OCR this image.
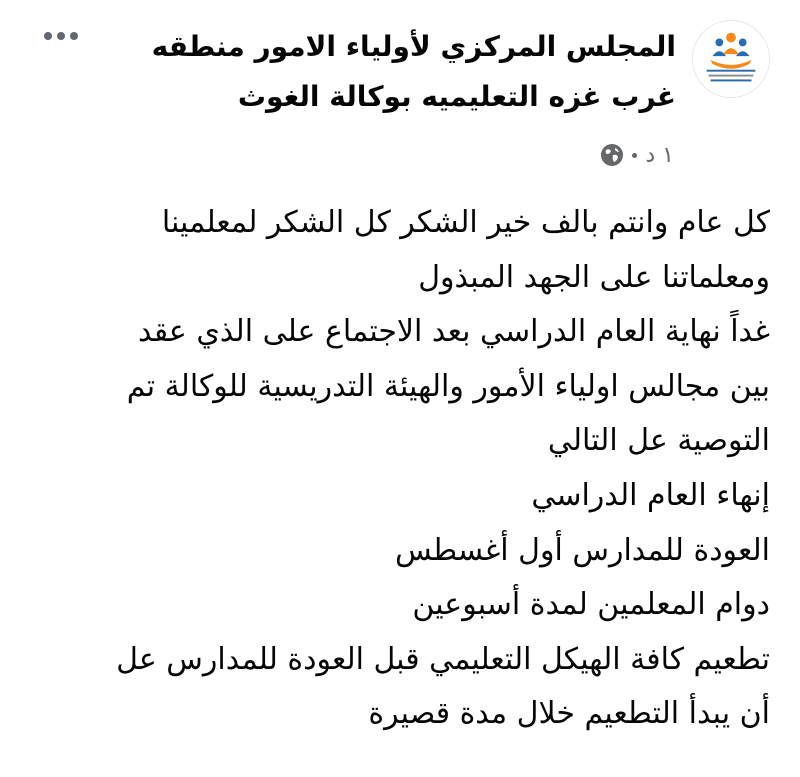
المجلس المركزي لأولياء الامور منطقه غرب غزه التعليميه بوكالة الغوث
١ د
كل عام وانتم بالف خير الشكر كل الشكر لمعلمينا
ومعلماتنا على الجهد المبذول
غداً نهاية العام الدراسي بعد الاجتماع على الذي عقد
بين مجالس اولياء الأمور والهيئة التدريسية للوكالة تم
التوصية عل التالي
إنهاء العام الدراسي
العودة للمدارس أول أغسطس
دوام المعلمين لمدة أسبوعين
تطعيم كافة الهيكل التعليمي قبل العودة للمدارس عل
أن يبدأ التطعيم خلال مدة قصيرة
